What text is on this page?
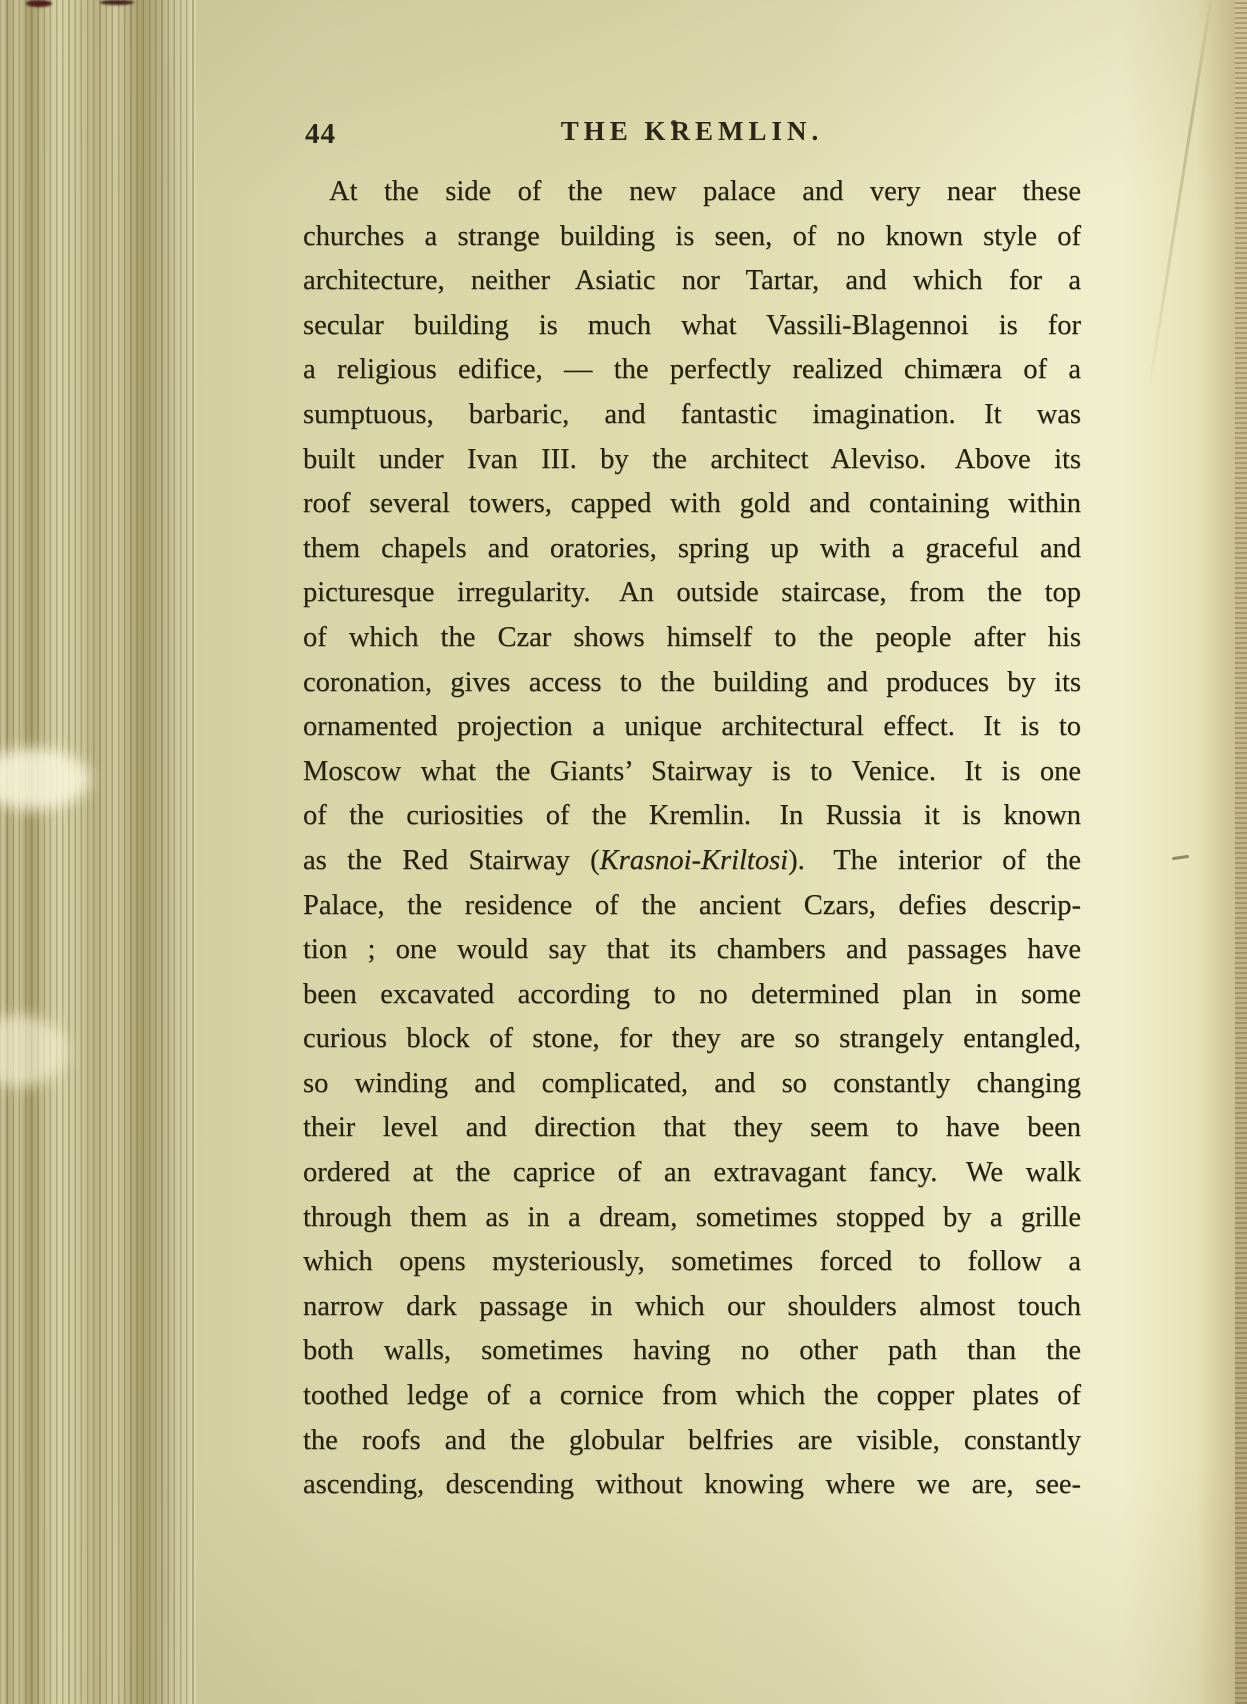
44	THE KREMLIN.
At the side of the new palace and very near these
churches a strange building is seen, of no known style of
architecture, neither Asiatic nor Tartar, and which for a
secular building is much what Vassili-Blagennoi is for
a religious edifice, — the perfectly realized chimæra of a
sumptuous, barbaric, and fantastic imagination. It was
built under Ivan III. by the architect Aleviso. Above its
roof several towers, capped with gold and containing within
them chapels and oratories, spring up with a graceful and
picturesque irregularity. An outside staircase, from the top
of which the Czar shows himself to the people after his
coronation, gives access to the building and produces by its
ornamented projection a unique architectural effect. It is to
Moscow what the Giants’ Stairway is to Venice. It is one
of the curiosities of the Kremlin. In Russia it is known
as the Red Stairway (Krasnoi-Kriltosi). The interior of the
Palace, the residence of the ancient Czars, defies descrip-
tion ; one would say that its chambers and passages have
been excavated according to no determined plan in some
curious block of stone, for they are so strangely entangled,
so winding and complicated, and so constantly changing
their level and direction that they seem to have been
ordered at the caprice of an extravagant fancy. We walk
through them as in a dream, sometimes stopped by a grille
which opens mysteriously, sometimes forced to follow a
narrow dark passage in which our shoulders almost touch
both walls, sometimes having no other path than the
toothed ledge of a cornice from which the copper plates of
the roofs and the globular belfries are visible, constantly
ascending, descending without knowing where we are, see-
